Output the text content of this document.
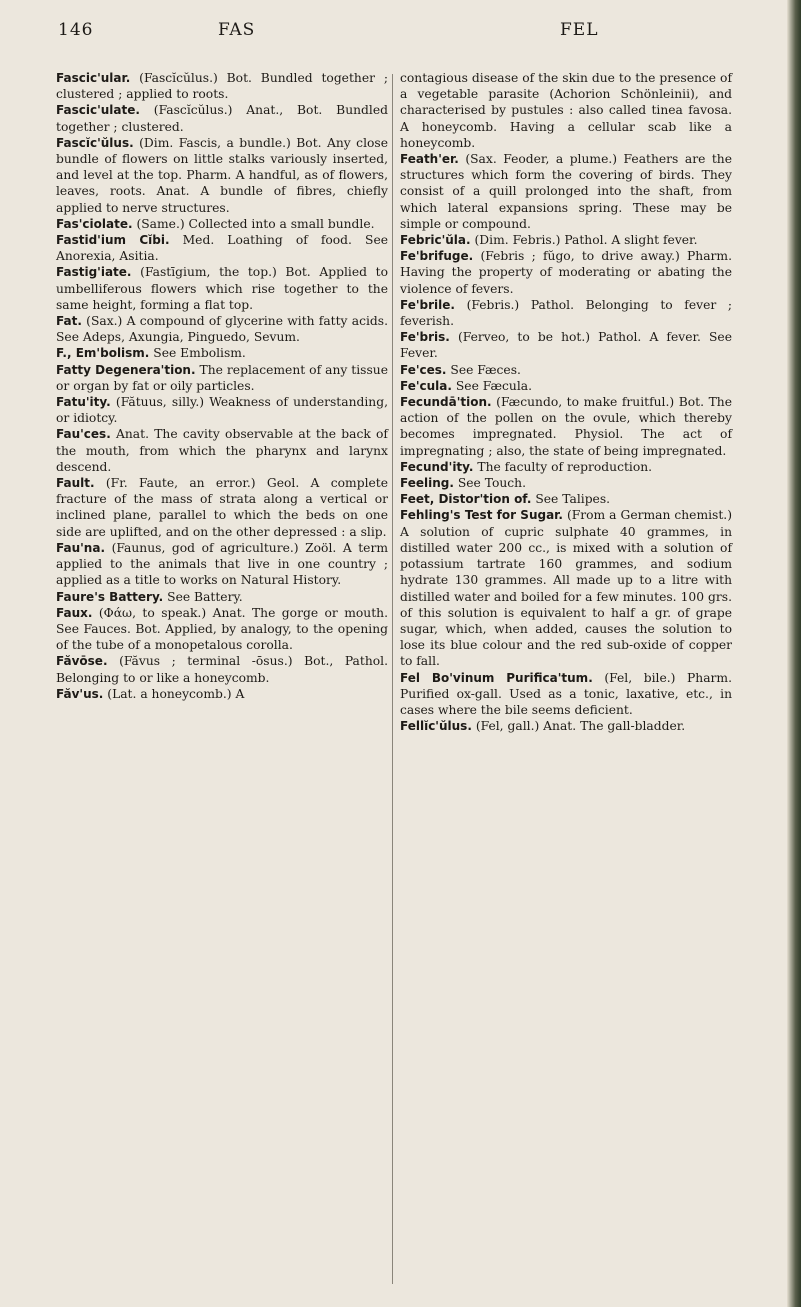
146	FAS	FEL

Fascic'ular. (Fascĭcŭlus.) Bot. Bundled together ; clustered ; applied to roots.

Fascic'ulate. (Fascĭcŭlus.) Anat., Bot. Bundled together ; clustered.

Fascĭc'ŭlus. (Dim. Fascis, a bundle.) Bot. Any close bundle of flowers on little stalks variously inserted, and level at the top. Pharm. A handful, as of flowers, leaves, roots. Anat. A bundle of fibres, chiefly applied to nerve structures.

Fas'ciolate. (Same.) Collected into a small bundle.

Fastid'ium Cĭbi. Med. Loathing of food. See Anorexia, Asitia.

Fastig'iate. (Fastīgium, the top.) Bot. Applied to umbelliferous flowers which rise together to the same height, forming a flat top.

Fat. (Sax.) A compound of glycerine with fatty acids. See Adeps, Axungia, Pinguedo, Sevum.

F., Em'bolism. See Embolism.

Fatty Degenera'tion. The replacement of any tissue or organ by fat or oily particles.

Fatu'ity. (Fătuus, silly.) Weakness of understanding, or idiotcy.

Fau'ces. Anat. The cavity observable at the back of the mouth, from which the pharynx and larynx descend.

Fault. (Fr. Faute, an error.) Geol. A complete fracture of the mass of strata along a vertical or inclined plane, parallel to which the beds on one side are uplifted, and on the other depressed : a slip.

Fau'na. (Faunus, god of agriculture.) Zoöl. A term applied to the animals that live in one country ; applied as a title to works on Natural History.

Faure's Battery. See Battery.

Faux. (Φάω, to speak.) Anat. The gorge or mouth. See Fauces. Bot. Applied, by analogy, to the opening of the tube of a monopetalous corolla.

Făvōse. (Făvus ; terminal -ōsus.) Bot., Pathol. Belonging to or like a honeycomb.

Făv'us. (Lat. a honeycomb.) A

contagious disease of the skin due to the presence of a vegetable parasite (Achorion Schönleinii), and characterised by pustules : also called tinea favosa. A honeycomb. Having a cellular scab like a honeycomb.

Feath'er. (Sax. Feoder, a plume.) Feathers are the structures which form the covering of birds. They consist of a quill prolonged into the shaft, from which lateral expansions spring. These may be simple or compound.

Febric'ŭla. (Dim. Febris.) Pathol. A slight fever.

Fe'brifuge. (Febris ; fŭgo, to drive away.) Pharm. Having the property of moderating or abating the violence of fevers.

Fe'brile. (Febris.) Pathol. Belonging to fever ; feverish.

Fe'bris. (Ferveo, to be hot.) Pathol. A fever. See Fever.

Fe'ces. See Fæces.

Fe'cula. See Fæcula.

Fecundā'tion. (Fæcundo, to make fruitful.) Bot. The action of the pollen on the ovule, which thereby becomes impregnated. Physiol. The act of impregnating ; also, the state of being impregnated.

Fecund'ity. The faculty of reproduction.

Feeling. See Touch.

Feet, Distor'tion of. See Talipes.

Fehling's Test for Sugar. (From a German chemist.) A solution of cupric sulphate 40 grammes, in distilled water 200 cc., is mixed with a solution of potassium tartrate 160 grammes, and sodium hydrate 130 grammes. All made up to a litre with distilled water and boiled for a few minutes. 100 grs. of this solution is equivalent to half a gr. of grape sugar, which, when added, causes the solution to lose its blue colour and the red sub-oxide of copper to fall.

Fel Bo'vinum Purifica'tum. (Fel, bile.) Pharm. Purified ox-gall. Used as a tonic, laxative, etc., in cases where the bile seems deficient.

Fellĭc'ŭlus. (Fel, gall.) Anat. The gall-bladder.
